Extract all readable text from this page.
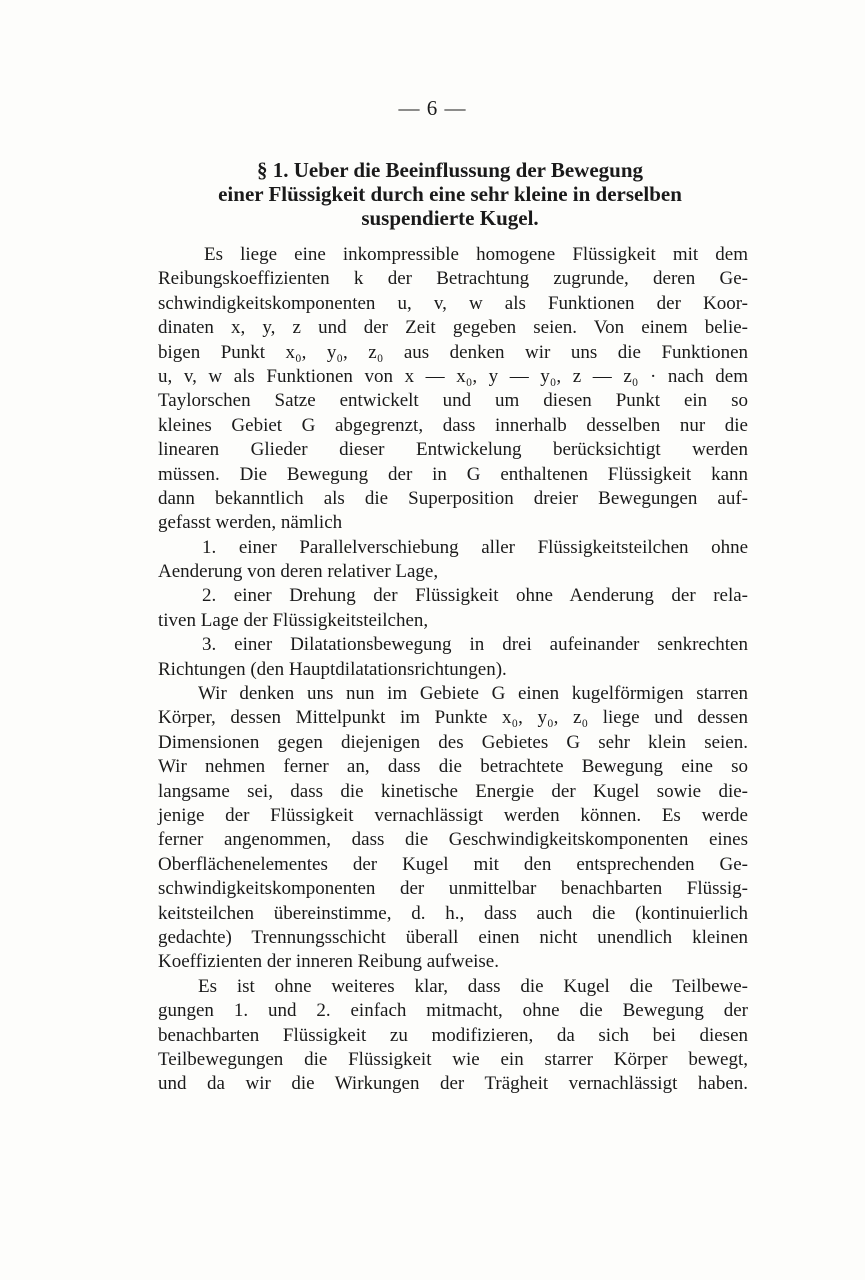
— 6 —
§ 1. Ueber die Beeinflussung der Bewegung
einer Flüssigkeit durch eine sehr kleine in derselben
suspendierte Kugel.
Es liege eine inkompressible homogene Flüssigkeit mit dem
Reibungskoeffizienten k der Betrachtung zugrunde, deren Ge-
schwindigkeitskomponenten u, v, w als Funktionen der Koor-
dinaten x, y, z und der Zeit gegeben seien. Von einem belie-
bigen Punkt x₀, y₀, z₀ aus denken wir uns die Funktionen
u, v, w als Funktionen von x — x₀, y — y₀, z — z₀ · nach dem
Taylorschen Satze entwickelt und um diesen Punkt ein so
kleines Gebiet G abgegrenzt, dass innerhalb desselben nur die
linearen Glieder dieser Entwickelung berücksichtigt werden
müssen. Die Bewegung der in G enthaltenen Flüssigkeit kann
dann bekanntlich als die Superposition dreier Bewegungen auf-
gefasst werden, nämlich
1. einer Parallelverschiebung aller Flüssigkeitsteilchen ohne
Aenderung von deren relativer Lage,
2. einer Drehung der Flüssigkeit ohne Aenderung der rela-
tiven Lage der Flüssigkeitsteilchen,
3. einer Dilatationsbewegung in drei aufeinander senkrechten
Richtungen (den Hauptdilatationsrichtungen).
Wir denken uns nun im Gebiete G einen kugelförmigen starren
Körper, dessen Mittelpunkt im Punkte x₀, y₀, z₀ liege und dessen
Dimensionen gegen diejenigen des Gebietes G sehr klein seien.
Wir nehmen ferner an, dass die betrachtete Bewegung eine so
langsame sei, dass die kinetische Energie der Kugel sowie die-
jenige der Flüssigkeit vernachlässigt werden können. Es werde
ferner angenommen, dass die Geschwindigkeitskomponenten eines
Oberflächenelementes der Kugel mit den entsprechenden Ge-
schwindigkeitskomponenten der unmittelbar benachbarten Flüssig-
keitsteilchen übereinstimme, d. h., dass auch die (kontinuierlich
gedachte) Trennungsschicht überall einen nicht unendlich kleinen
Koeffizienten der inneren Reibung aufweise.
Es ist ohne weiteres klar, dass die Kugel die Teilbewe-
gungen 1. und 2. einfach mitmacht, ohne die Bewegung der
benachbarten Flüssigkeit zu modifizieren, da sich bei diesen
Teilbewegungen die Flüssigkeit wie ein starrer Körper bewegt,
und da wir die Wirkungen der Trägheit vernachlässigt haben.
